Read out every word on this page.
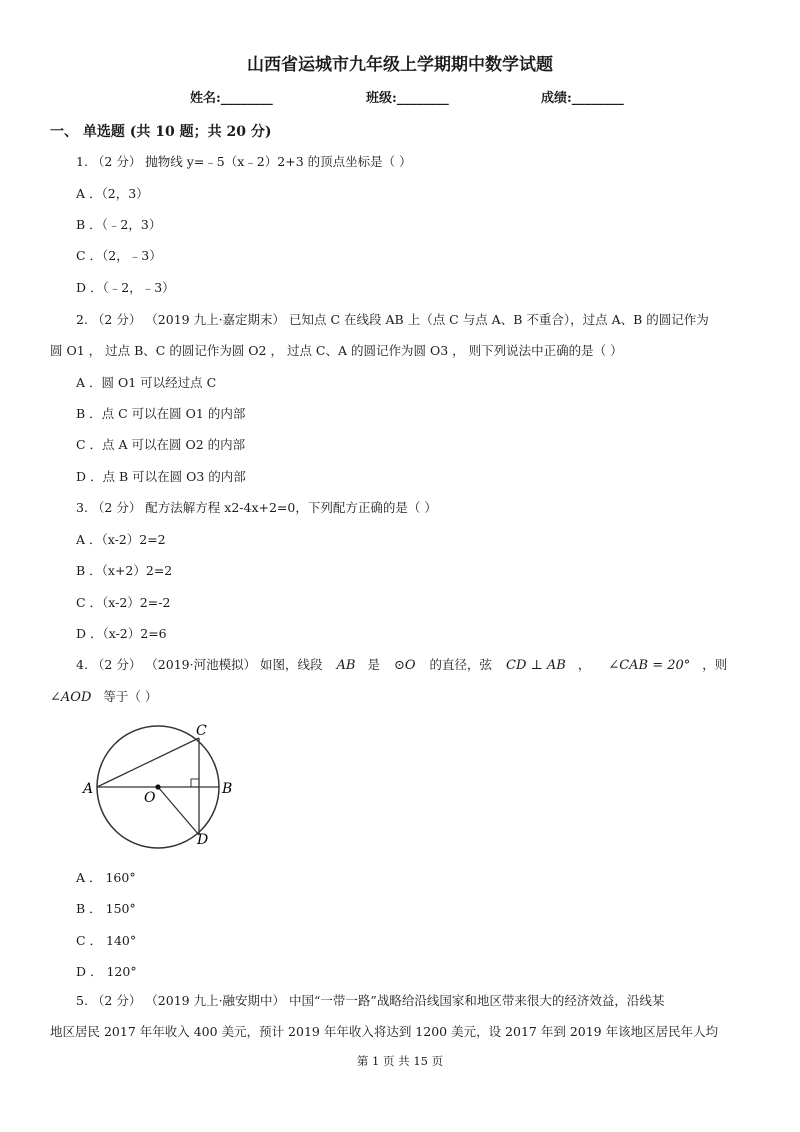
山西省运城市九年级上学期期中数学试题
姓名:________	班级:________	成绩:________
一、 单选题 (共 10 题；共 20 分)
1. （2 分） 抛物线 y=﹣5（x﹣2）2+3 的顶点坐标是（ ）
A ．（2，3）
B ．（﹣2，3）
C ．（2，﹣3）
D ．（﹣2，﹣3）
2. （2 分） （2019 九上·嘉定期末） 已知点 C 在线段 AB 上（点 C 与点 A、B 不重合），过点 A、B 的圆记作为
圆 O1 ， 过点 B、C 的圆记作为圆 O2 ， 过点 C、A 的圆记作为圆 O3 ， 则下列说法中正确的是（ ）
A ．圆 O1 可以经过点 C
B ．点 C 可以在圆 O1 的内部
C ．点 A 可以在圆 O2 的内部
D ．点 B 可以在圆 O3 的内部
3. （2 分） 配方法解方程 x2-4x+2=0，下列配方正确的是（ ）
A ．（x-2）2=2
B ．（x+2）2=2
C ．（x-2）2=-2
D ．（x-2）2=6
4. （2 分） （2019·河池模拟） 如图，线段 AB 是 ⊙O 的直径，弦 CD ⊥ AB ， ∠CAB = 20° ，则
∠AOD 等于（ ）
A	B
C
D
O
A ． 160°
B ． 150°
C ． 140°
D ． 120°
5. （2 分） （2019 九上·融安期中） 中国“一带一路”战略给沿线国家和地区带来很大的经济效益，沿线某
地区居民 2017 年年收入 400 美元，预计 2019 年年收入将达到 1200 美元，设 2017 年到 2019 年该地区居民年人均
第 1 页 共 15 页
